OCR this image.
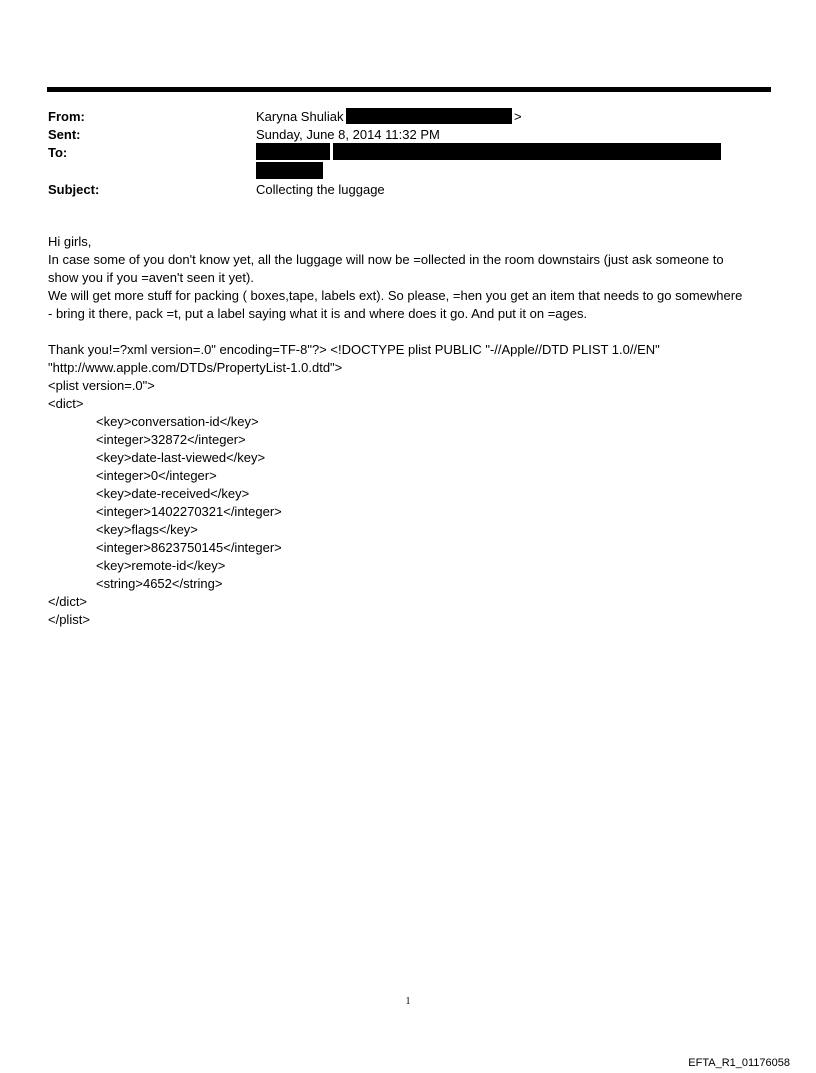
From:	Karyna Shuliak	>
Sent:	Sunday, June 8, 2014 11:32 PM
To:
Subject:	Collecting the luggage

Hi girls,

In case some of you don't know yet, all the luggage will now be =ollected in the room downstairs (just ask someone to

show you if you =aven't seen it yet).

We will get more stuff for packing ( boxes,tape, labels ext). So please, =hen you get an item that needs to go somewhere

- bring it there, pack =t, put a label saying what it is and where does it go. And put it on =ages.

Thank you!=?xml version=.0" encoding=TF-8"?> <!DOCTYPE plist PUBLIC "-//Apple//DTD PLIST 1.0//EN"

"http://www.apple.com/DTDs/PropertyList-1.0.dtd">

<plist version=.0">

<dict>

<key>conversation-id</key>

<integer>32872</integer>

<key>date-last-viewed</key>

<integer>0</integer>

<key>date-received</key>

<integer>1402270321</integer>

<key>flags</key>

<integer>8623750145</integer>

<key>remote-id</key>

<string>4652</string>

</dict>

</plist>

1
EFTA_R1_01176058
